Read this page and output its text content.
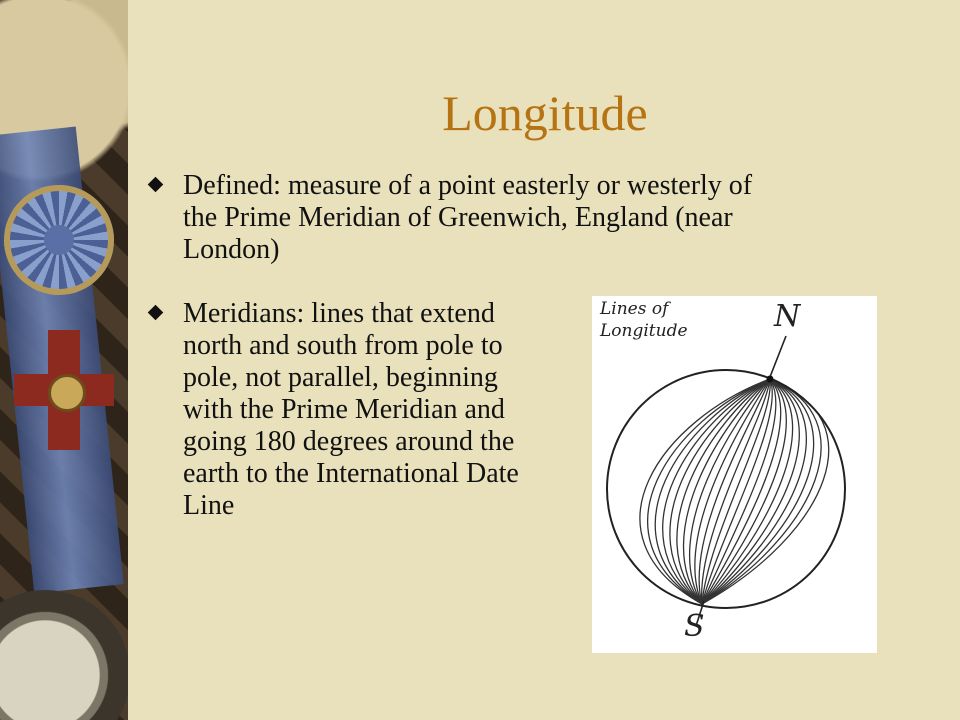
Longitude
Defined: measure of a point easterly or westerly of the Prime Meridian of Greenwich, England (near London)
Meridians: lines that extend north and south from pole to pole, not parallel, beginning with the Prime Meridian and going 180 degrees around the earth to the International Date Line
Lines of Longitude	N
S
